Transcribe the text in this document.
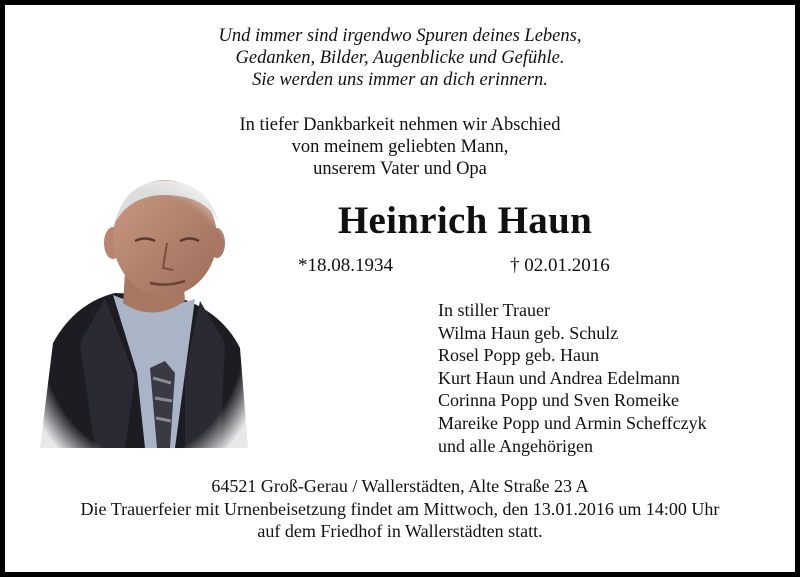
Und immer sind irgendwo Spuren deines Lebens,
Gedanken, Bilder, Augenblicke und Gefühle.
Sie werden uns immer an dich erinnern.
In tiefer Dankbarkeit nehmen wir Abschied
von meinem geliebten Mann,
unserem Vater und Opa
Heinrich Haun
*18.08.1934	† 02.01.2016
In stiller Trauer
Wilma Haun geb. Schulz
Rosel Popp geb. Haun
Kurt Haun und Andrea Edelmann
Corinna Popp und Sven Romeike
Mareike Popp und Armin Scheffczyk
und alle Angehörigen
64521 Groß-Gerau / Wallerstädten, Alte Straße 23 A
Die Trauerfeier mit Urnenbeisetzung findet am Mittwoch, den 13.01.2016 um 14:00 Uhr
auf dem Friedhof in Wallerstädten statt.
